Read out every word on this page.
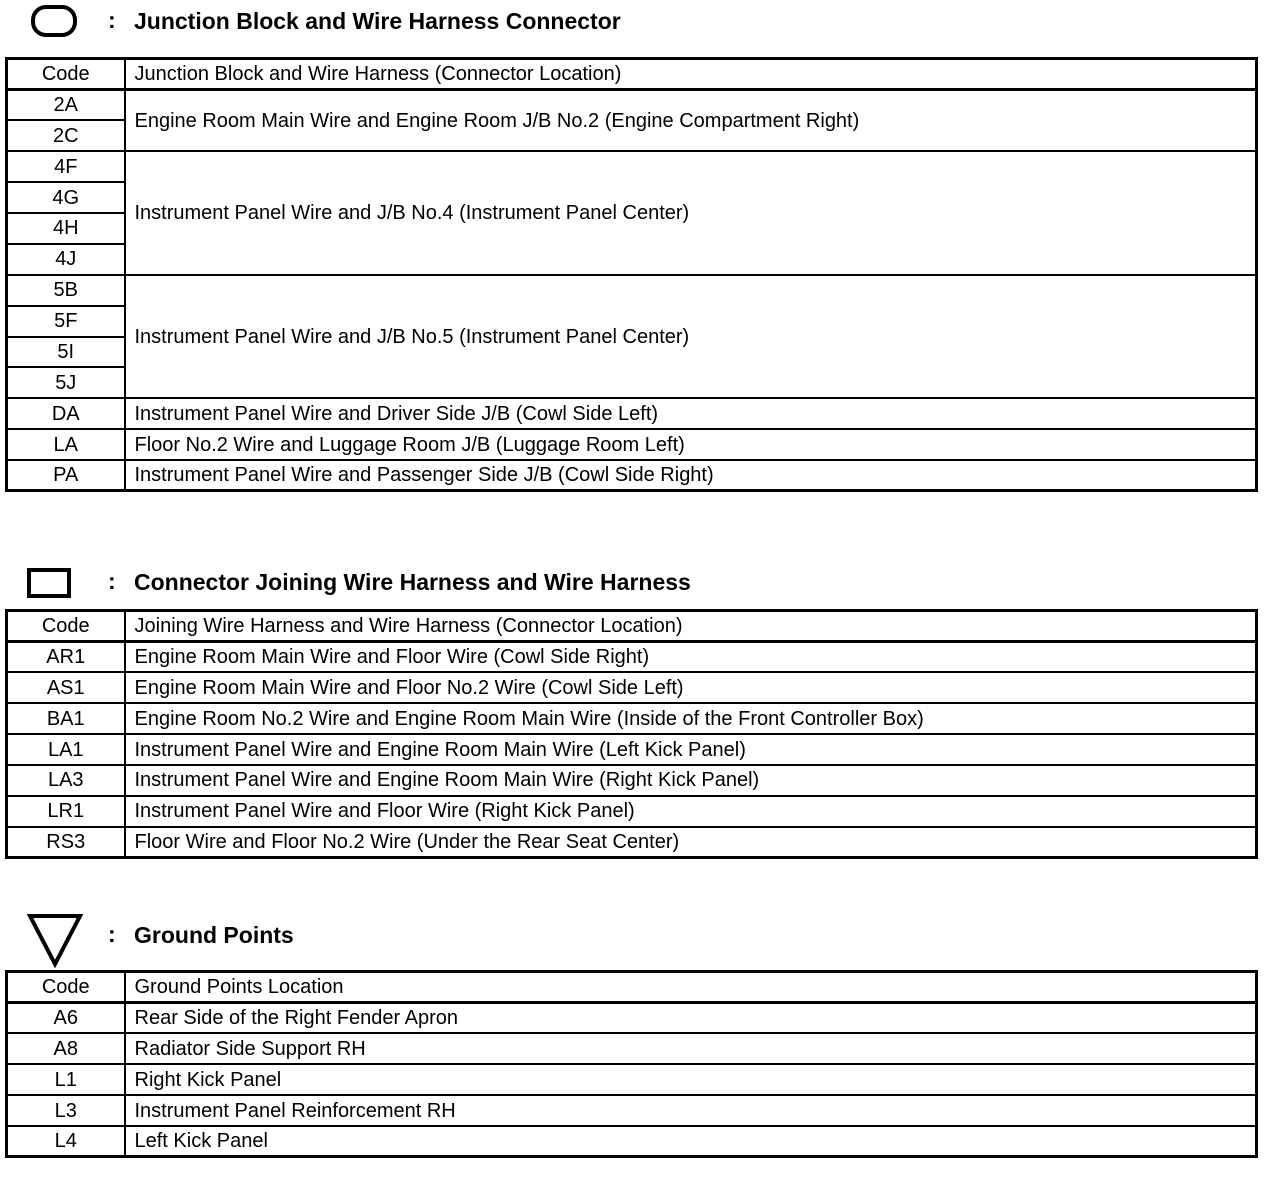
: Junction Block and Wire Harness Connector
Code	Junction Block and Wire Harness (Connector Location)
2A	Engine Room Main Wire and Engine Room J/B No.2 (Engine Compartment Right)
2C	
4F	Instrument Panel Wire and J/B No.4 (Instrument Panel Center)
4G	
4H	
4J	
5B	Instrument Panel Wire and J/B No.5 (Instrument Panel Center)
5F	
5I	
5J	
DA	Instrument Panel Wire and Driver Side J/B (Cowl Side Left)
LA	Floor No.2 Wire and Luggage Room J/B (Luggage Room Left)
PA	Instrument Panel Wire and Passenger Side J/B (Cowl Side Right)
: Connector Joining Wire Harness and Wire Harness
Code	Joining Wire Harness and Wire Harness (Connector Location)
AR1	Engine Room Main Wire and Floor Wire (Cowl Side Right)
AS1	Engine Room Main Wire and Floor No.2 Wire (Cowl Side Left)
BA1	Engine Room No.2 Wire and Engine Room Main Wire (Inside of the Front Controller Box)
LA1	Instrument Panel Wire and Engine Room Main Wire (Left Kick Panel)
LA3	Instrument Panel Wire and Engine Room Main Wire (Right Kick Panel)
LR1	Instrument Panel Wire and Floor Wire (Right Kick Panel)
RS3	Floor Wire and Floor No.2 Wire (Under the Rear Seat Center)
: Ground Points
Code	Ground Points Location
A6	Rear Side of the Right Fender Apron
A8	Radiator Side Support RH
L1	Right Kick Panel
L3	Instrument Panel Reinforcement RH
L4	Left Kick Panel
